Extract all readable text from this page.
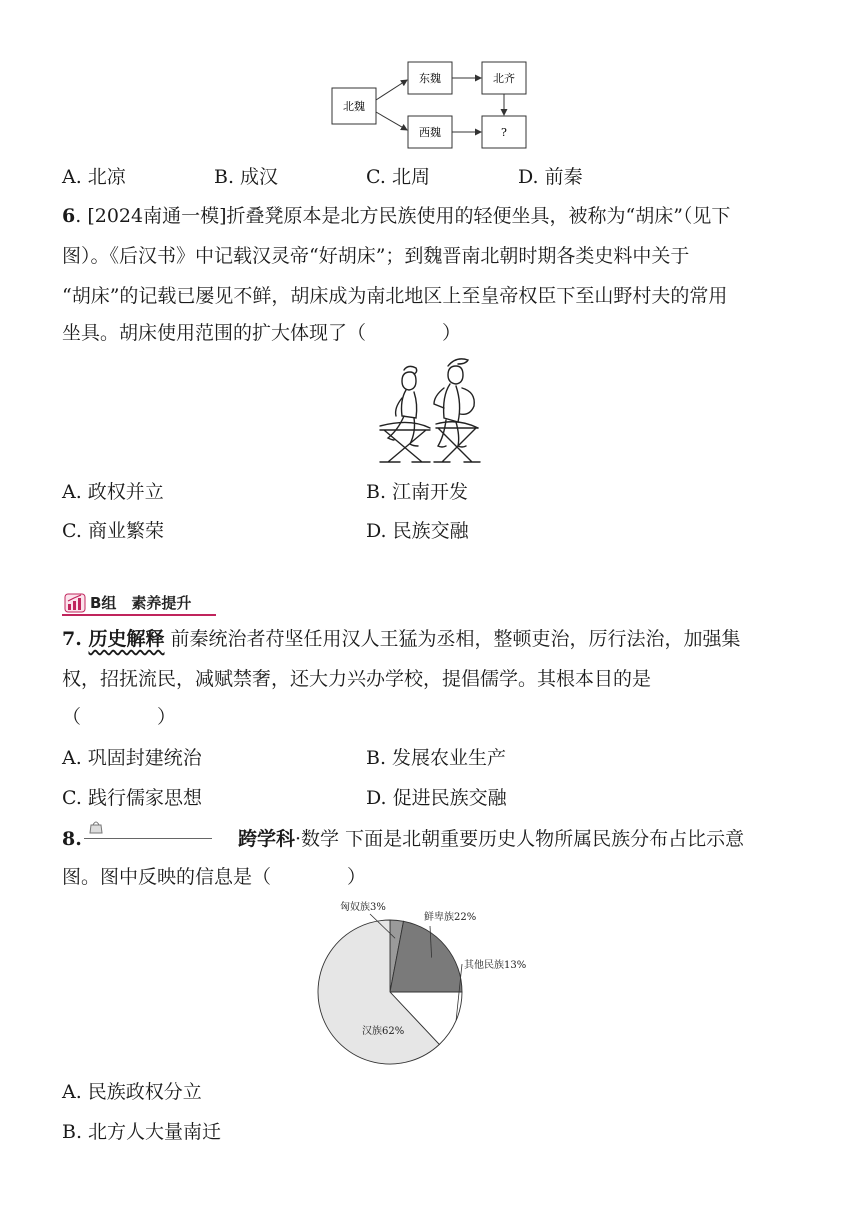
北魏
东魏
西魏
北齐
?
A. 北凉	B. 成汉	C. 北周	D. 前秦
6. [2024南通一模]折叠凳原本是北方民族使用的轻便坐具，被称为“胡床”（见下
图）。《后汉书》中记载汉灵帝“好胡床”；到魏晋南北朝时期各类史料中关于
“胡床”的记载已屡见不鲜，胡床成为南北地区上至皇帝权臣下至山野村夫的常用
坐具。胡床使用范围的扩大体现了（　　　　）
A. 政权并立	B. 江南开发
C. 商业繁荣	D. 民族交融
B组　素养提升
7. 历史解释 前秦统治者苻坚任用汉人王猛为丞相，整顿吏治，厉行法治，加强集
权，招抚流民，减赋禁奢，还大力兴办学校，提倡儒学。其根本目的是
（　　　　）
A. 巩固封建统治	B. 发展农业生产
C. 践行儒家思想	D. 促进民族交融
8.	跨学科·数学 下面是北朝重要历史人物所属民族分布占比示意
图。图中反映的信息是（　　　　）
匈奴族3%
鲜卑族22%
其他民族13%
汉族62%
A. 民族政权分立
B. 北方人大量南迁
